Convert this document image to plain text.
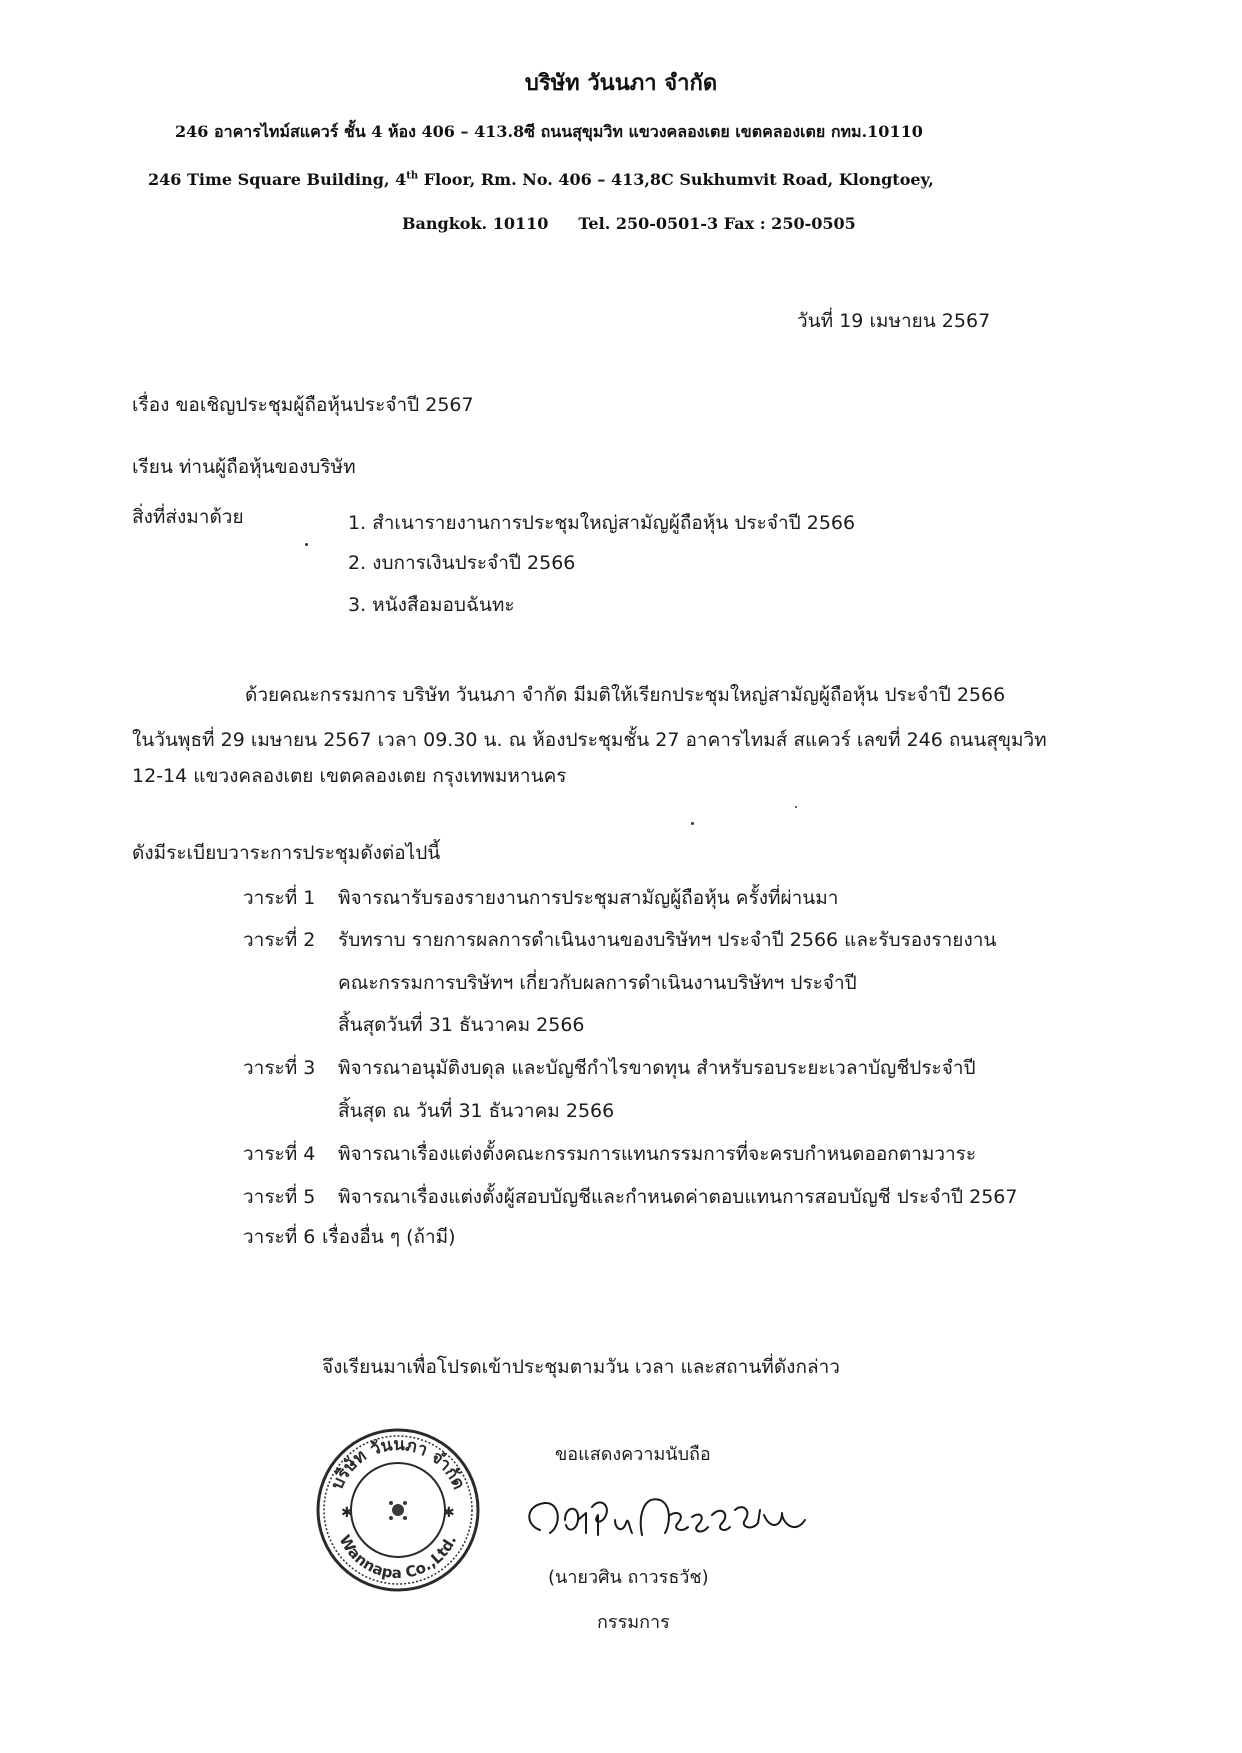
บริษัท วันนภา จำกัด
246 อาคารไทม์สแควร์ ชั้น 4 ห้อง 406 – 413.8ซี ถนนสุขุมวิท แขวงคลองเตย เขตคลองเตย กทม.10110
246 Time Square Building, 4th Floor, Rm. No. 406 – 413,8C Sukhumvit Road, Klongtoey,
Bangkok. 10110 Tel. 250-0501-3 Fax : 250-0505
วันที่ 19 เมษายน 2567
เรื่อง ขอเชิญประชุมผู้ถือหุ้นประจำปี 2567
เรียน ท่านผู้ถือหุ้นของบริษัท
สิ่งที่ส่งมาด้วย	1. สำเนารายงานการประชุมใหญ่สามัญผู้ถือหุ้น ประจำปี 2566
2. งบการเงินประจำปี 2566
3. หนังสือมอบฉันทะ
ด้วยคณะกรรมการ บริษัท วันนภา จำกัด มีมติให้เรียกประชุมใหญ่สามัญผู้ถือหุ้น ประจำปี 2566
ในวันพุธที่ 29 เมษายน 2567 เวลา 09.30 น. ณ ห้องประชุมชั้น 27 อาคารไทมส์ สแควร์ เลขที่ 246 ถนนสุขุมวิท
12-14 แขวงคลองเตย เขตคลองเตย กรุงเทพมหานคร
ดังมีระเบียบวาระการประชุมดังต่อไปนี้
วาระที่ 1 พิจารณารับรองรายงานการประชุมสามัญผู้ถือหุ้น ครั้งที่ผ่านมา
วาระที่ 2 รับทราบ รายการผลการดำเนินงานของบริษัทฯ ประจำปี 2566 และรับรองรายงาน
คณะกรรมการบริษัทฯ เกี่ยวกับผลการดำเนินงานบริษัทฯ ประจำปี
สิ้นสุดวันที่ 31 ธันวาคม 2566
วาระที่ 3 พิจารณาอนุมัติงบดุล และบัญชีกำไรขาดทุน สำหรับรอบระยะเวลาบัญชีประจำปี
สิ้นสุด ณ วันที่ 31 ธันวาคม 2566
วาระที่ 4 พิจารณาเรื่องแต่งตั้งคณะกรรมการแทนกรรมการที่จะครบกำหนดออกตามวาระ
วาระที่ 5 พิจารณาเรื่องแต่งตั้งผู้สอบบัญชีและกำหนดค่าตอบแทนการสอบบัญชี ประจำปี 2567
วาระที่ 6 เรื่องอื่น ๆ (ถ้ามี)
จึงเรียนมาเพื่อโปรดเข้าประชุมตามวัน เวลา และสถานที่ดังกล่าว
ขอแสดงความนับถือ
บริษัท วันนภา จำกัด
Wannapa Co.,Ltd.
✱	✱
(นายวศิน ถาวรธวัช)
กรรมการ
